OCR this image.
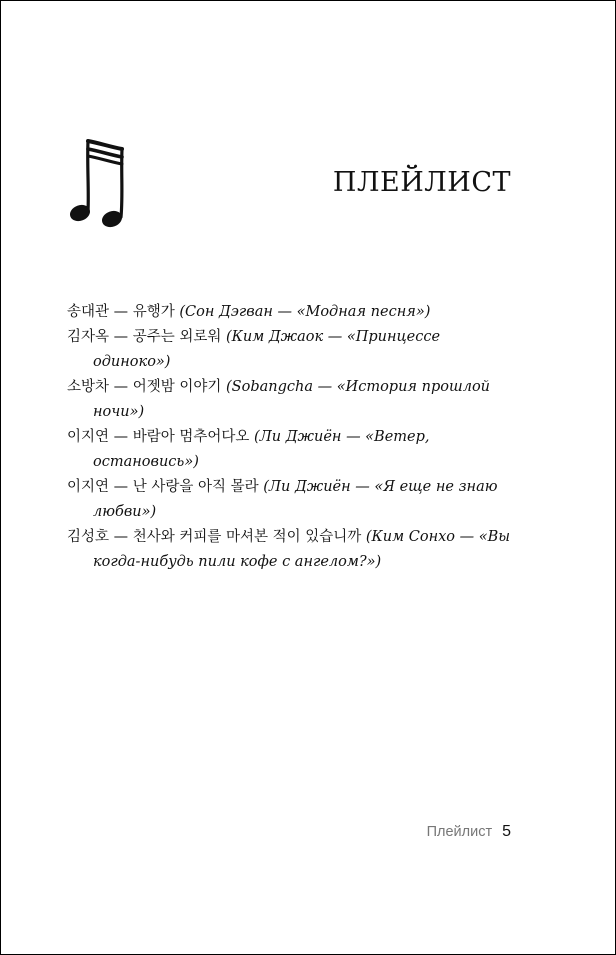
ПЛЕЙЛИСТ
송대관 — 유행가 (Сон Дэгван — «Модная песня»)
김자옥 — 공주는 외로워 (Ким Джаок — «Принцессе одиноко»)
소방차 — 어젯밤 이야기 (Sobangcha — «История прошлой ночи»)
이지연 — 바람아 멈추어다오 (Ли Джиён — «Ветер, остановись»)
이지연 — 난 사랑을 아직 몰라 (Ли Джиён — «Я еще не знаю любви»)
김성호 — 천사와 커피를 마셔본 적이 있습니까 (Ким Сонхо — «Вы когда-нибудь пили кофе с ангелом?»)
Плейлист 5
